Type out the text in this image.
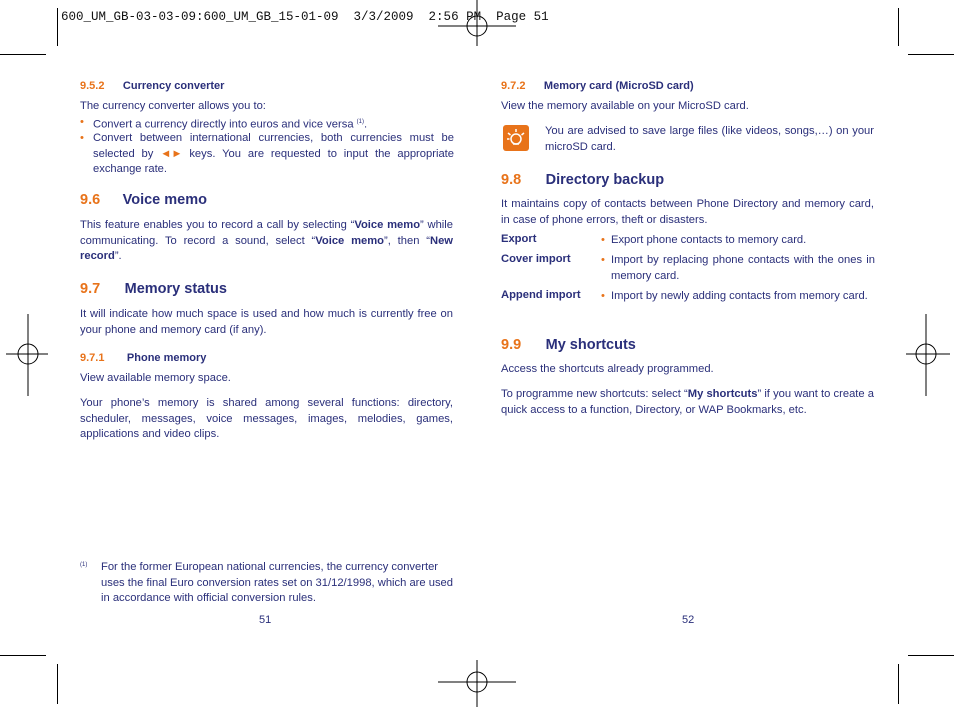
600_UM_GB-03-03-09:600_UM_GB_15-01-09  3/3/2009  2:56 PM  Page 51
9.5.2 Currency converter
The currency converter allows you to:
• Convert a currency directly into euros and vice versa $^{(1)}$.
• Convert between international currencies, both currencies must be selected by ◄► keys. You are requested to input the appropriate exchange rate.
9.6 Voice memo
This feature enables you to record a call by selecting “Voice memo” while communicating. To record a sound, select “Voice memo”, then “New record”.
9.7 Memory status
It will indicate how much space is used and how much is currently free on your phone and memory card (if any).
9.7.1 Phone memory
View available memory space.
Your phone’s memory is shared among several functions: directory, scheduler, messages, voice messages, images, melodies, games, applications and video clips.
(1) For the former European national currencies, the currency converter uses the final Euro conversion rates set on 31/12/1998, which are used in accordance with official conversion rules.
51
9.7.2 Memory card (MicroSD card)
View the memory available on your MicroSD card.
You are advised to save large files (like videos, songs,…) on your microSD card.
9.8 Directory backup
It maintains copy of contacts between Phone Directory and memory card, in case of phone errors, theft or disasters.
Export	• Export phone contacts to memory card.
Cover import	• Import by replacing phone contacts with the ones in memory card.
Append import • Import by newly adding contacts from memory card.
9.9 My shortcuts
Access the shortcuts already programmed.
To programme new shortcuts: select “My shortcuts” if you want to create a quick access to a function, Directory, or WAP Bookmarks, etc.
52
